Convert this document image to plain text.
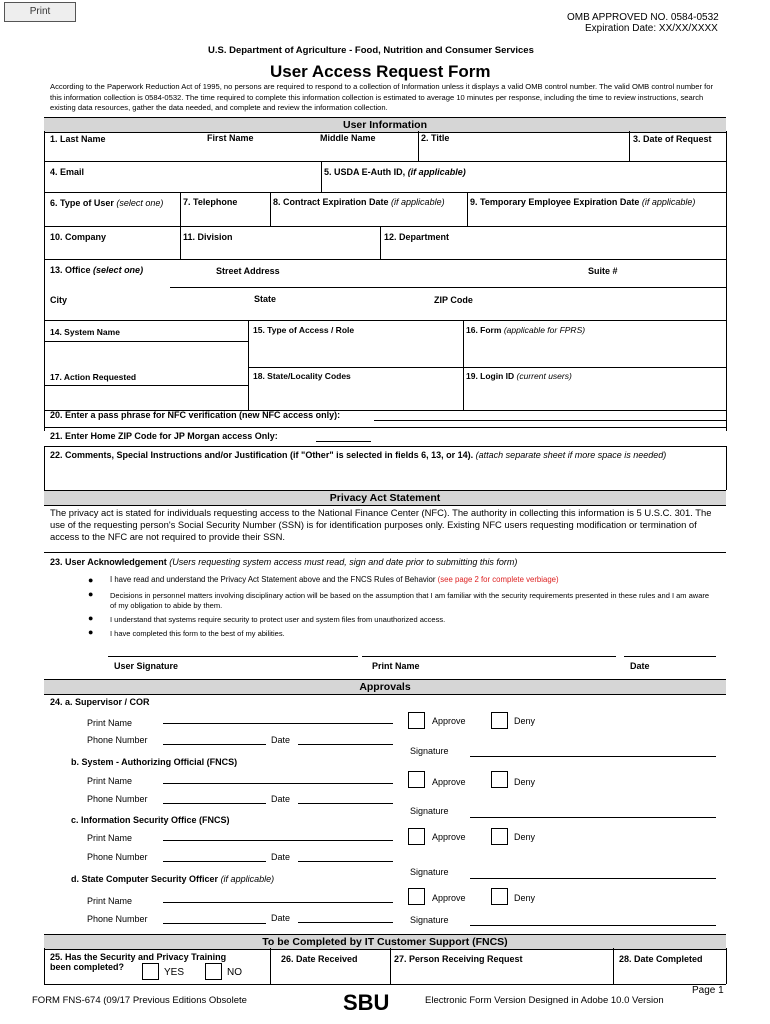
Print
OMB APPROVED NO. 0584-0532
Expiration Date: XX/XX/XXXX
U.S. Department of Agriculture - Food, Nutrition and Consumer Services
User Access Request Form
According to the Paperwork Reduction Act of 1995, no persons are required to respond to a collection of Information unless it displays a valid OMB control number. The valid OMB control number for this information collection is 0584-0532. The time required to complete this information collection is estimated to average 10 minutes per response, including the time to review instructions, search existing data resources, gather the data needed, and complete and review the information collection.
User Information
1. Last Name	First Name	Middle Name	2. Title	3. Date of Request
4. Email	5. USDA E-Auth ID, (if applicable)
6. Type of User (select one) 7. Telephone	8. Contract Expiration Date (if applicable)	9. Temporary Employee Expiration Date (if applicable)
10. Company	11. Division	12. Department
13. Office (select one)	Street Address	Suite #
City	State	ZIP Code
14. System Name	15. Type of Access / Role	16. Form (applicable for FPRS)
17. Action Requested	18. State/Locality Codes	19. Login ID (current users)
20. Enter a pass phrase for NFC verification (new NFC access only):
21. Enter Home ZIP Code for JP Morgan access Only:
22. Comments, Special Instructions and/or Justification (if "Other" is selected in fields 6, 13, or 14). (attach separate sheet if more space is needed)
Privacy Act Statement
The privacy act is stated for individuals requesting access to the National Finance Center (NFC). The authority in collecting this information is 5 U.S.C. 301. The use of the requesting person's Social Security Number (SSN) is for identification purposes only. Existing NFC users requesting modification or termination of access to the NFC are not required to provide their SSN.
23. User Acknowledgement (Users requesting system access must read, sign and date prior to submitting this form)
● I have read and understand the Privacy Act Statement above and the FNCS Rules of Behavior (see page 2 for complete verbiage)
● Decisions in personnel matters involving disciplinary action will be based on the assumption that I am familiar with the security requirements presented in these rules and I am aware of my obligation to abide by them.
● I understand that systems require security to protect user and system files from unauthorized access.
● I have completed this form to the best of my abilities.
User Signature	Print Name	Date
Approvals
24. a. Supervisor / COR
Print Name	Approve	Deny
Phone Number	Date
Signature
b. System - Authorizing Official (FNCS)
Print Name	Approve	Deny
Phone Number	Date
Signature
c. Information Security Office (FNCS)
Print Name	Approve	Deny
Phone Number	Date
Signature
d. State Computer Security Officer (if applicable)
Print Name	Approve	Deny
Phone Number	Date	Signature
To be Completed by IT Customer Support (FNCS)
25. Has the Security and Privacy Training
been completed?	YES	NO
26. Date Received	27. Person Receiving Request	28. Date Completed
FORM FNS-674 (09/17 Previous Editions Obsolete	SBU	Electronic Form Version Designed in Adobe 10.0 Version
Page 1
